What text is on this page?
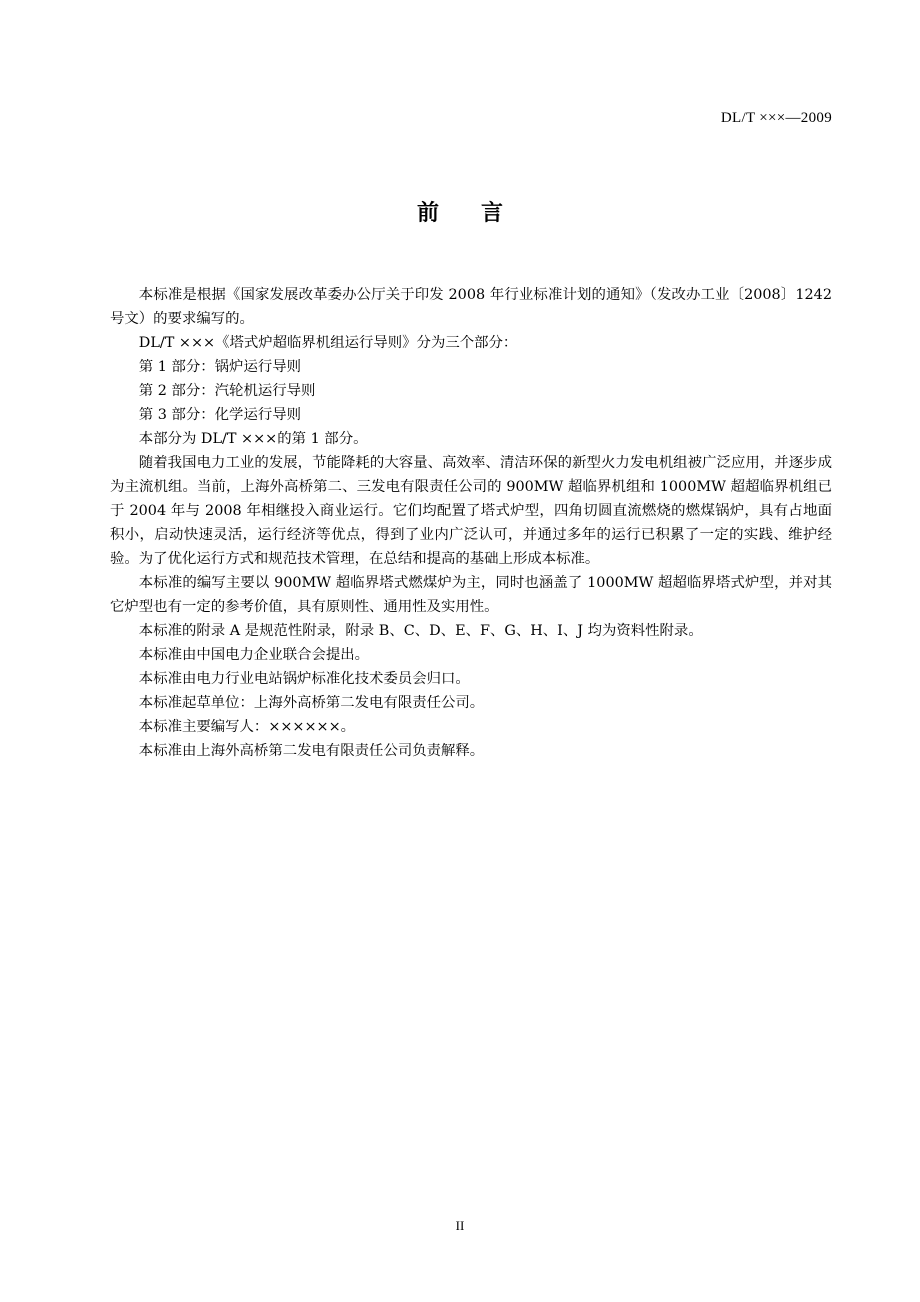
DL/T ×××—2009
前言

本标准是根据《国家发展改革委办公厅关于印发 2008 年行业标准计划的通知》（发改办工业〔2008〕1242 号文）的要求编写的。

DL/T ×××《塔式炉超临界机组运行导则》分为三个部分：

第 1 部分：锅炉运行导则

第 2 部分：汽轮机运行导则

第 3 部分：化学运行导则

本部分为 DL/T ×××的第 1 部分。

随着我国电力工业的发展，节能降耗的大容量、高效率、清洁环保的新型火力发电机组被广泛应用，并逐步成为主流机组。当前，上海外高桥第二、三发电有限责任公司的 900MW 超临界机组和 1000MW 超超临界机组已于 2004 年与 2008 年相继投入商业运行。它们均配置了塔式炉型，四角切圆直流燃烧的燃煤锅炉，具有占地面积小，启动快速灵活，运行经济等优点，得到了业内广泛认可，并通过多年的运行已积累了一定的实践、维护经验。为了优化运行方式和规范技术管理，在总结和提高的基础上形成本标准。

本标准的编写主要以 900MW 超临界塔式燃煤炉为主，同时也涵盖了 1000MW 超超临界塔式炉型，并对其它炉型也有一定的参考价值，具有原则性、通用性及实用性。

本标准的附录 A 是规范性附录，附录 B、C、D、E、F、G、H、I、J 均为资料性附录。

本标准由中国电力企业联合会提出。

本标准由电力行业电站锅炉标准化技术委员会归口。

本标准起草单位：上海外高桥第二发电有限责任公司。

本标准主要编写人：××××××。

本标准由上海外高桥第二发电有限责任公司负责解释。

II
